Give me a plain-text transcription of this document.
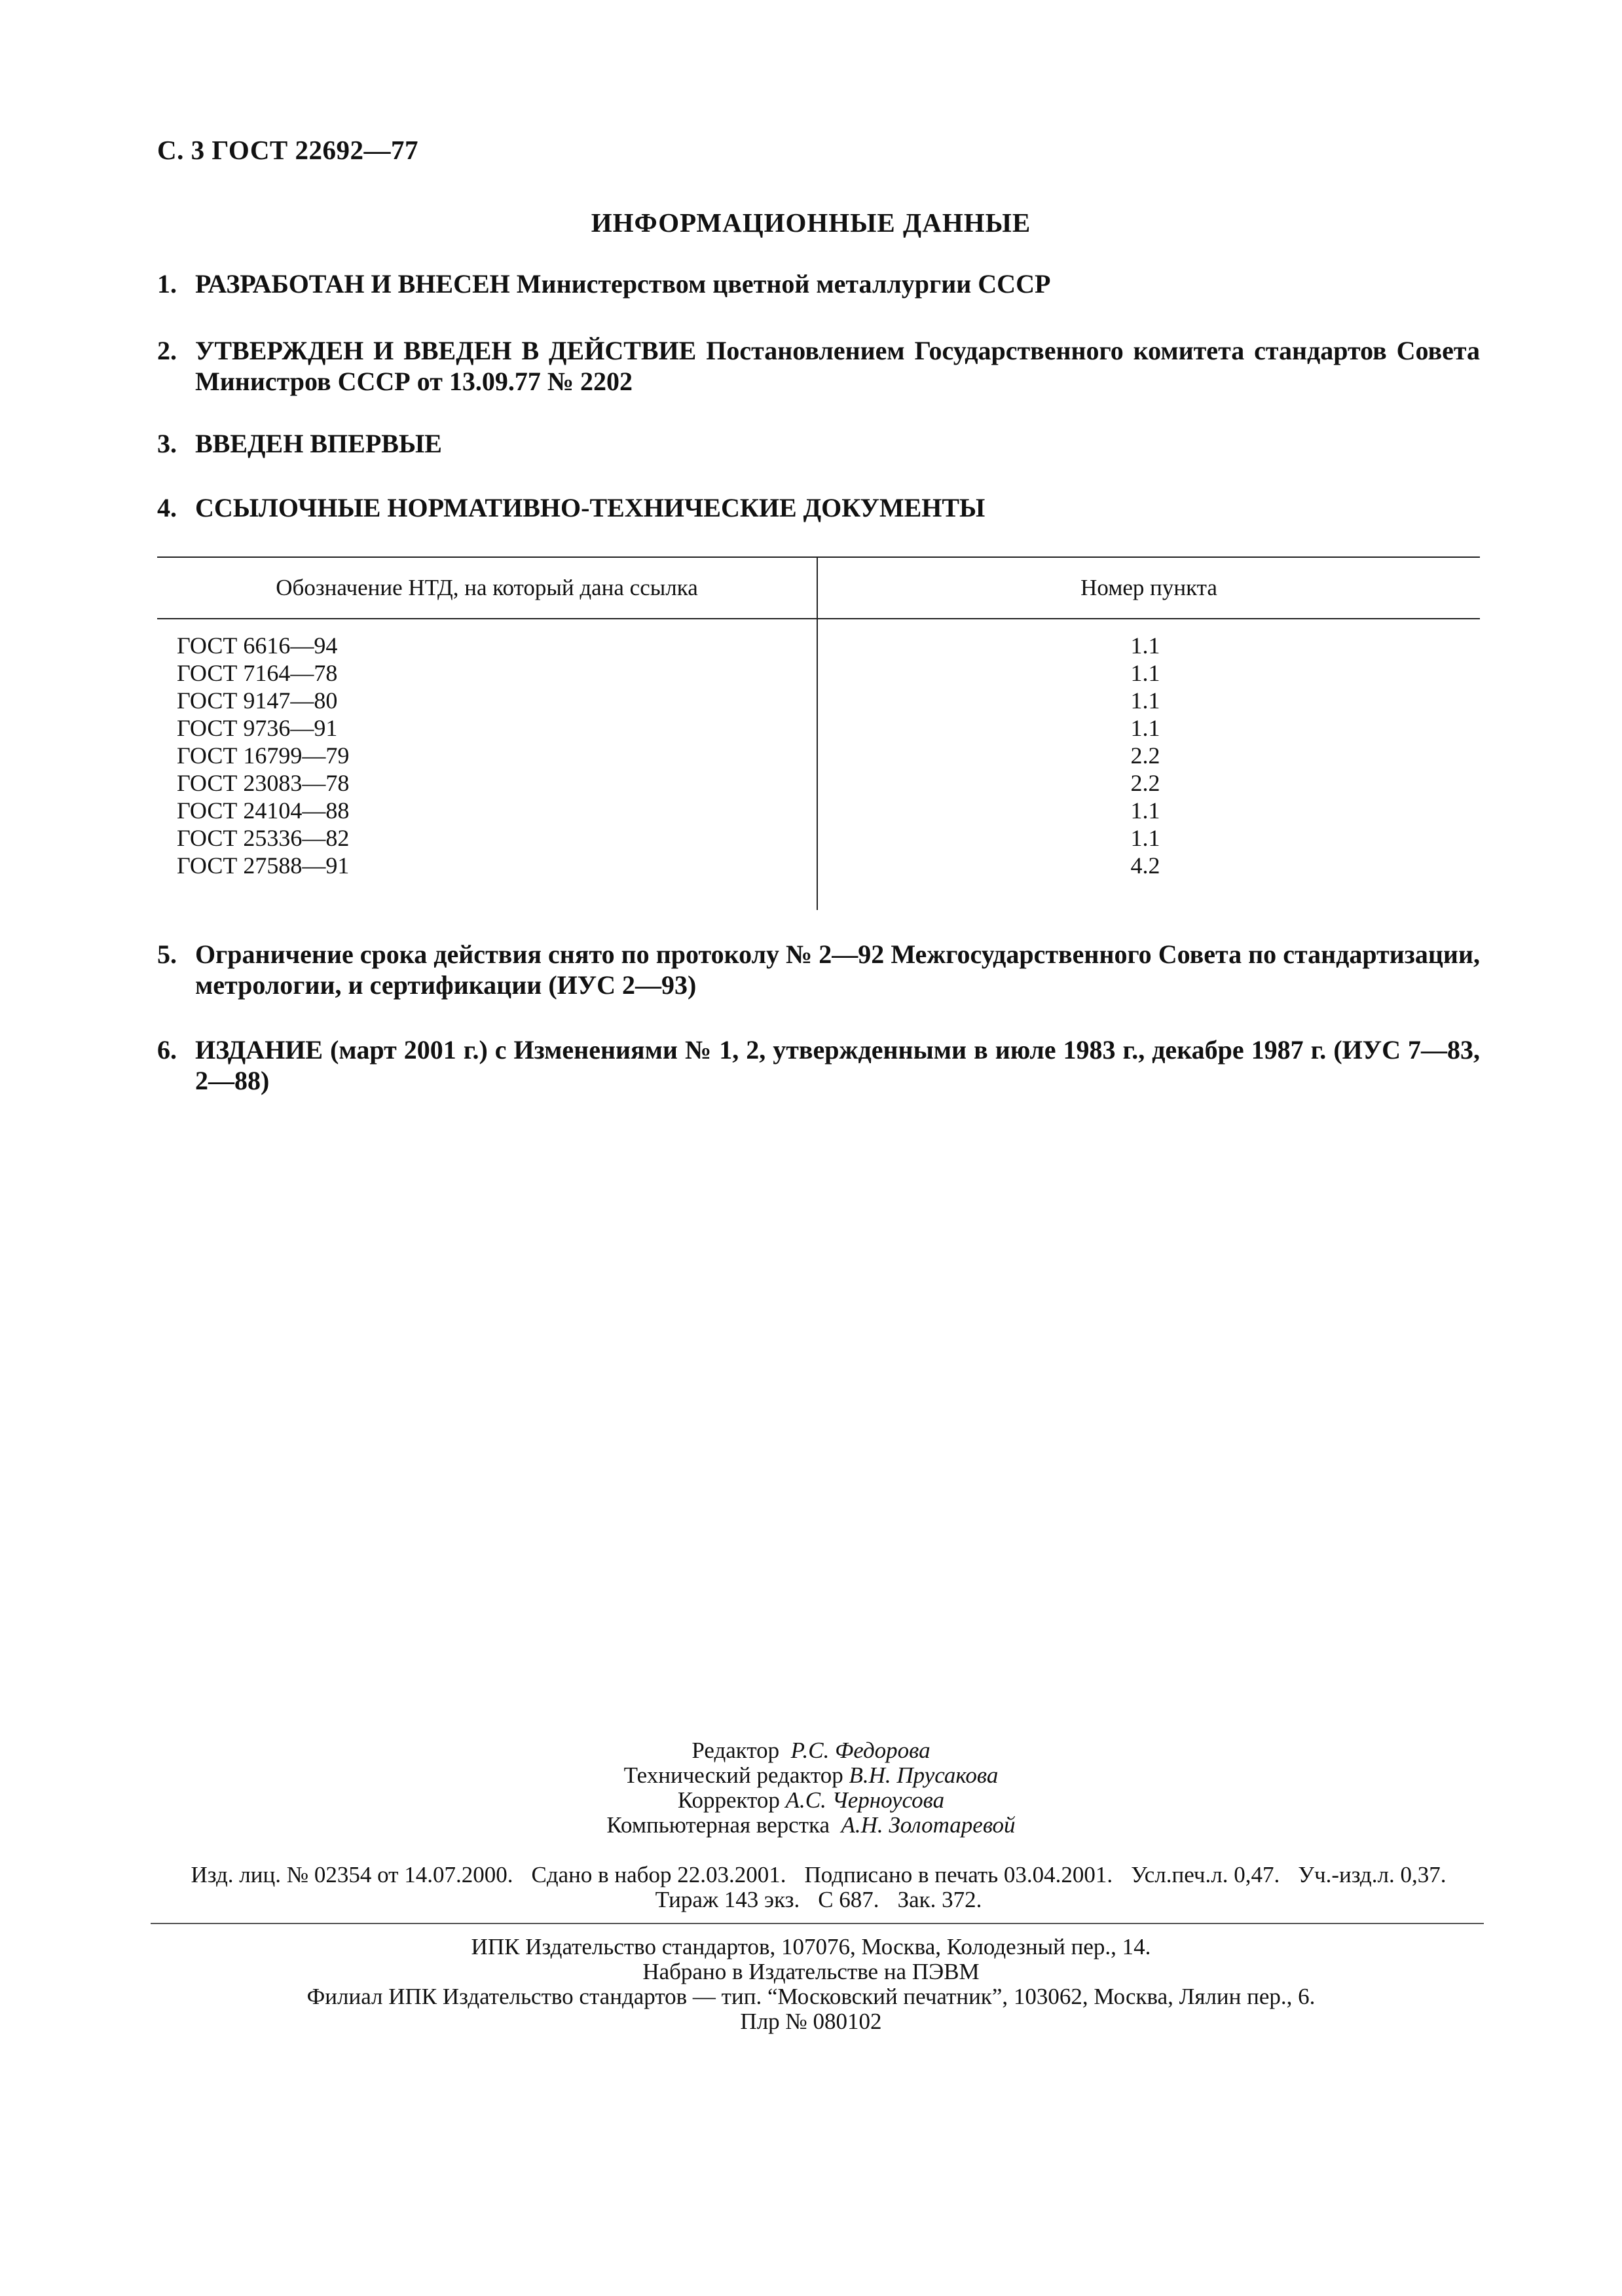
С. 3 ГОСТ 22692—77
ИНФОРМАЦИОННЫЕ ДАННЫЕ
1. РАЗРАБОТАН И ВНЕСЕН Министерством цветной металлургии СССР
2. УТВЕРЖДЕН И ВВЕДЕН В ДЕЙСТВИЕ Постановлением Государственного комитета стандартов Совета Министров СССР от 13.09.77 № 2202
3. ВВЕДЕН ВПЕРВЫЕ
4. ССЫЛОЧНЫЕ НОРМАТИВНО-ТЕХНИЧЕСКИЕ ДОКУМЕНТЫ
Обозначение НТД, на который дана ссылка	Номер пункта
ГОСТ 6616—94
ГОСТ 7164—78
ГОСТ 9147—80
ГОСТ 9736—91
ГОСТ 16799—79
ГОСТ 23083—78
ГОСТ 24104—88
ГОСТ 25336—82
ГОСТ 27588—91
1.1
1.1
1.1
1.1
2.2
2.2
1.1
1.1
4.2
5. Ограничение срока действия снято по протоколу № 2—92 Межгосударственного Совета по стандартизации, метрологии, и сертификации (ИУС 2—93)
6. ИЗДАНИЕ (март 2001 г.) с Изменениями № 1, 2, утвержденными в июле 1983 г., декабре 1987 г. (ИУС 7—83, 2—88)
Редактор Р.С. Федорова
Технический редактор В.Н. Прусакова
Корректор А.С. Черноусова
Компьютерная верстка А.Н. Золотаревой
Изд. лиц. № 02354 от 14.07.2000. Сдано в набор 22.03.2001. Подписано в печать 03.04.2001. Усл.печ.л. 0,47. Уч.-изд.л. 0,37.
Тираж 143 экз. С 687. Зак. 372.
ИПК Издательство стандартов, 107076, Москва, Колодезный пер., 14.
Набрано в Издательстве на ПЭВМ
Филиал ИПК Издательство стандартов — тип. “Московский печатник”, 103062, Москва, Лялин пер., 6.
Плр № 080102
